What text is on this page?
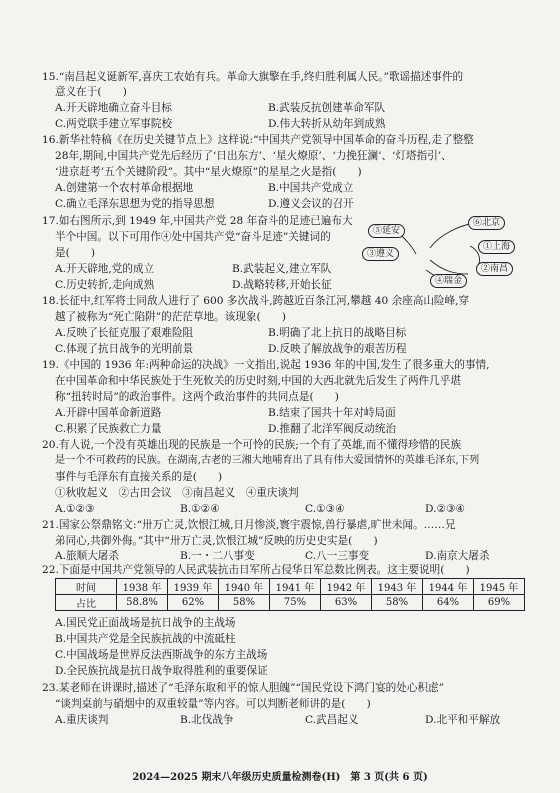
15.“南昌起义诞新军,喜庆工农始有兵。革命大旗擎在手,终归胜利属人民。”歌谣描述事件的
意义在于(　　)
A.开天辟地确立奋斗目标	B.武装反抗创建革命军队
C.两党联手建立军事院校	D.伟大转折从幼年到成熟
16.新华社特稿《在历史关键节点上》这样说:“中国共产党领导中国革命的奋斗历程,走了整整
28年,期间,中国共产党先后经历了‘日出东方’、‘星火燎原’、‘力挽狂澜’、‘灯塔指引’、
‘进京赶考’五个关键阶段”。其中“星火燎原”的星星之火是指(　　)
A.创建第一个农村革命根据地	B.中国共产党成立
C.确立毛泽东思想为党的指导思想	D.遵义会议的召开
17.如右图所示,到 1949 年,中国共产党 28 年奋斗的足迹已遍布大
半个中国。以下可用作④处中国共产党“奋斗足迹”关键词的
是(　　)
A.开天辟地,党的成立	B.武装起义,建立军队
C.历史转折,走向成熟	D.战略转移,开始长征
⑤延安
⑥北京
①上海
③遵义
②南昌
④瑞金
18.长征中,红军将士同敌人进行了 600 多次战斗,跨越近百条江河,攀越 40 余座高山险峰,穿
越了被称为“死亡陷阱”的茫茫草地。该现象(　　)
A.反映了长征克服了艰难险阻	B.明确了北上抗日的战略目标
C.体现了抗日战争的光明前景	D.反映了解放战争的艰苦历程
19.《中国的 1936 年:两种命运的决战》一文指出,说起 1936 年的中国,发生了很多重大的事情,
在中国革命和中华民族处于生死攸关的历史时刻,中国的大西北就先后发生了两件几乎堪
称“扭转时局”的政治事件。这两个政治事件的共同点是(　　)
A.开辟中国革命新道路	B.结束了国共十年对峙局面
C.积累了民族救亡力量	D.推翻了北洋军阀反动统治
20.有人说,一个没有英雄出现的民族是一个可怜的民族;一个有了英雄,而不懂得珍惜的民族
是一个不可救药的民族。在湖南,古老的三湘大地哺育出了具有伟大爱国情怀的英雄毛泽东,下列
事件与毛泽东有直接关系的是(　　)
①秋收起义　②古田会议　③南昌起义　④重庆谈判
A.①②③	B.①②④	C.①③④	D.②③④
21.国家公祭鼎铭文:“卅万亡灵,饮恨江城,日月惨淡,寰宇震惊,兽行暴虐,旷世未闻。……兄
弟同心,共御外侮。”其中“卅万亡灵,饮恨江城”反映的历史史实是(　　)
A.旅顺大屠杀	B.一・二八事变	C.八一三事变	D.南京大屠杀
22.下面是中国共产党领导的人民武装抗击日军所占侵华日军总数比例表。这主要说明(　　)
时间	1938 年	1939 年	1940 年	1941 年	1942 年	1943 年	1944 年	1945 年
占比	58.8%	62%	58%	75%	63%	58%	64%	69%
A.国民党正面战场是抗日战争的主战场
B.中国共产党是全民族抗战的中流砥柱
C.中国战场是世界反法西斯战争的东方主战场
D.全民族抗战是抗日战争取得胜利的重要保证
23.某老师在讲课时,描述了“毛泽东取和平的惊人胆魄”“国民党设下鸿门宴的处心积虑”
“谈判桌前与硝烟中的双重较量”等内容。可以判断老师讲的是(　　)
A.重庆谈判	B.北伐战争	C.武昌起义	D.北平和平解放
2024—2025 期末八年级历史质量检测卷(H)　第 3 页(共 6 页)
